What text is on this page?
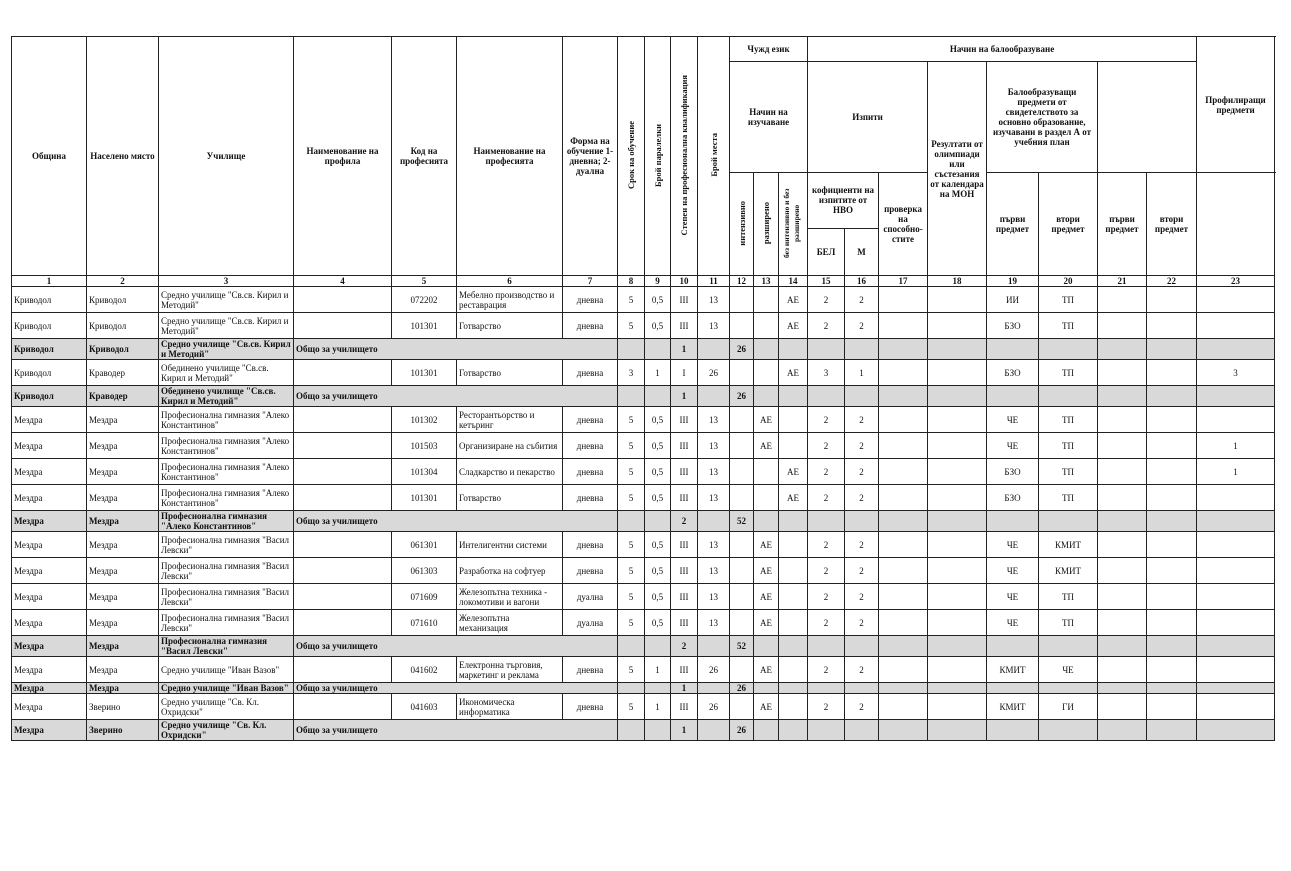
Община	Населено място	Училище	Наименование на профила	Код на професията	Наименование на професията	Форма на обучение 1-дневна; 2-дуална	Срок на обучение	Брой паралелки	Степен на професионална квалификация	Брой места	Чужд език			Начин на балообразуване								Профилиращи предмети	
											Начин на изучаване			Изпити			Резултати от олимпиади или състезания от календара на МОН	Балообразуващи предмети от свидетелството за основно образование, изучавани в раздел А от учебния план					
											интензивно	разширено	без интензивно и без разширено	кофициенти на изпитите от НВО		проверка на способно-стите		първи предмет	втори предмет	първи предмет	втори предмет		
														БЕЛ	М								
1	2	3	4	5	6	7	8	9	10	11	12	13	14	15	16	17	18	19	20	21	22	23	
Криводол	Криводол	Средно училище "Св.св. Кирил и Методий"		072202	Мебелно производство и реставрация	дневна	5	0,5	III	13			АЕ	2	2			ИИ	ТП				
Криводол	Криводол	Средно училище "Св.св. Кирил и Методий"		101301	Готварство	дневна	5	0,5	III	13			АЕ	2	2			БЗО	ТП				
Криводол	Криводол	Средно училище "Св.св. Кирил и Методий"	Общо за училището						1		26												
Криводол	Краводер	Обединено училище "Св.св. Кирил и Методий"		101301	Готварство	дневна	3	1	I	26			АЕ	3	1			БЗО	ТП			3	
Криводол	Краводер	Обединено училище "Св.св. Кирил и Методий"	Общо за училището						1		26												
Мездра	Мездра	Професионална гимназия "Алеко Константинов"		101302	Ресторантьорство и кетъринг	дневна	5	0,5	III	13		АЕ		2	2			ЧЕ	ТП				
Мездра	Мездра	Професионална гимназия "Алеко Константинов"		101503	Организиране на събития	дневна	5	0,5	III	13		АЕ		2	2			ЧЕ	ТП			1	
Мездра	Мездра	Професионална гимназия "Алеко Константинов"		101304	Сладкарство и пекарство	дневна	5	0,5	III	13			АЕ	2	2			БЗО	ТП			1	
Мездра	Мездра	Професионална гимназия "Алеко Константинов"		101301	Готварство	дневна	5	0,5	III	13			АЕ	2	2			БЗО	ТП				
Мездра	Мездра	Професионална гимназия "Алеко Константинов"	Общо за училището						2		52												
Мездра	Мездра	Професионална гимназия "Васил Левски"		061301	Интелигентни системи	дневна	5	0,5	III	13		АЕ		2	2			ЧЕ	КМИТ				
Мездра	Мездра	Професионална гимназия "Васил Левски"		061303	Разработка на софтуер	дневна	5	0,5	III	13		АЕ		2	2			ЧЕ	КМИТ				
Мездра	Мездра	Професионална гимназия "Васил Левски"		071609	Железопътна техника - локомотиви и вагони	дуална	5	0,5	III	13		АЕ		2	2			ЧЕ	ТП				
Мездра	Мездра	Професионална гимназия "Васил Левски"		071610	Железопътна механизация	дуална	5	0,5	III	13		АЕ		2	2			ЧЕ	ТП				
Мездра	Мездра	Професионална гимназия "Васил Левски"	Общо за училището						2		52												
Мездра	Мездра	Средно училище "Иван Вазов"		041602	Електронна търговия, маркетинг и реклама	дневна	5	1	III	26		АЕ		2	2			КМИТ	ЧЕ				
Мездра	Мездра	Средно училище "Иван Вазов"	Общо за училището						1		26												
Мездра	Зверино	Средно училище "Св. Кл. Охридски"		041603	Икономическа информатика	дневна	5	1	III	26		АЕ		2	2			КМИТ	ГИ				
Мездра	Зверино	Средно училище "Св. Кл. Охридски"	Общо за училището						1		26												
